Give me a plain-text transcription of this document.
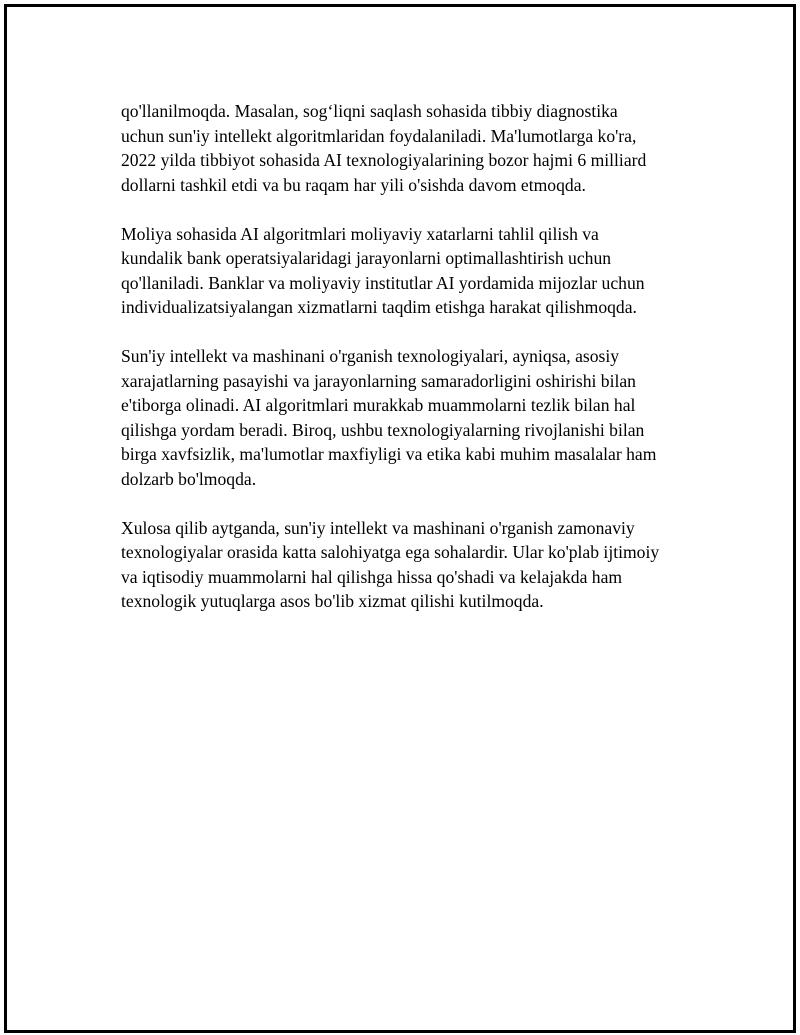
qo'llanilmoqda. Masalan, sog‘liqni saqlash sohasida tibbiy diagnostika
uchun sun'iy intellekt algoritmlaridan foydalaniladi. Ma'lumotlarga ko'ra,
2022 yilda tibbiyot sohasida AI texnologiyalarining bozor hajmi 6 milliard
dollarni tashkil etdi va bu raqam har yili o'sishda davom etmoqda.

Moliya sohasida AI algoritmlari moliyaviy xatarlarni tahlil qilish va
kundalik bank operatsiyalaridagi jarayonlarni optimallashtirish uchun
qo'llaniladi. Banklar va moliyaviy institutlar AI yordamida mijozlar uchun
individualizatsiyalangan xizmatlarni taqdim etishga harakat qilishmoqda.

Sun'iy intellekt va mashinani o'rganish texnologiyalari, ayniqsa, asosiy
xarajatlarning pasayishi va jarayonlarning samaradorligini oshirishi bilan
e'tiborga olinadi. AI algoritmlari murakkab muammolarni tezlik bilan hal
qilishga yordam beradi. Biroq, ushbu texnologiyalarning rivojlanishi bilan
birga xavfsizlik, ma'lumotlar maxfiyligi va etika kabi muhim masalalar ham
dolzarb bo'lmoqda.

Xulosa qilib aytganda, sun'iy intellekt va mashinani o'rganish zamonaviy
texnologiyalar orasida katta salohiyatga ega sohalardir. Ular ko'plab ijtimoiy
va iqtisodiy muammolarni hal qilishga hissa qo'shadi va kelajakda ham
texnologik yutuqlarga asos bo'lib xizmat qilishi kutilmoqda.
